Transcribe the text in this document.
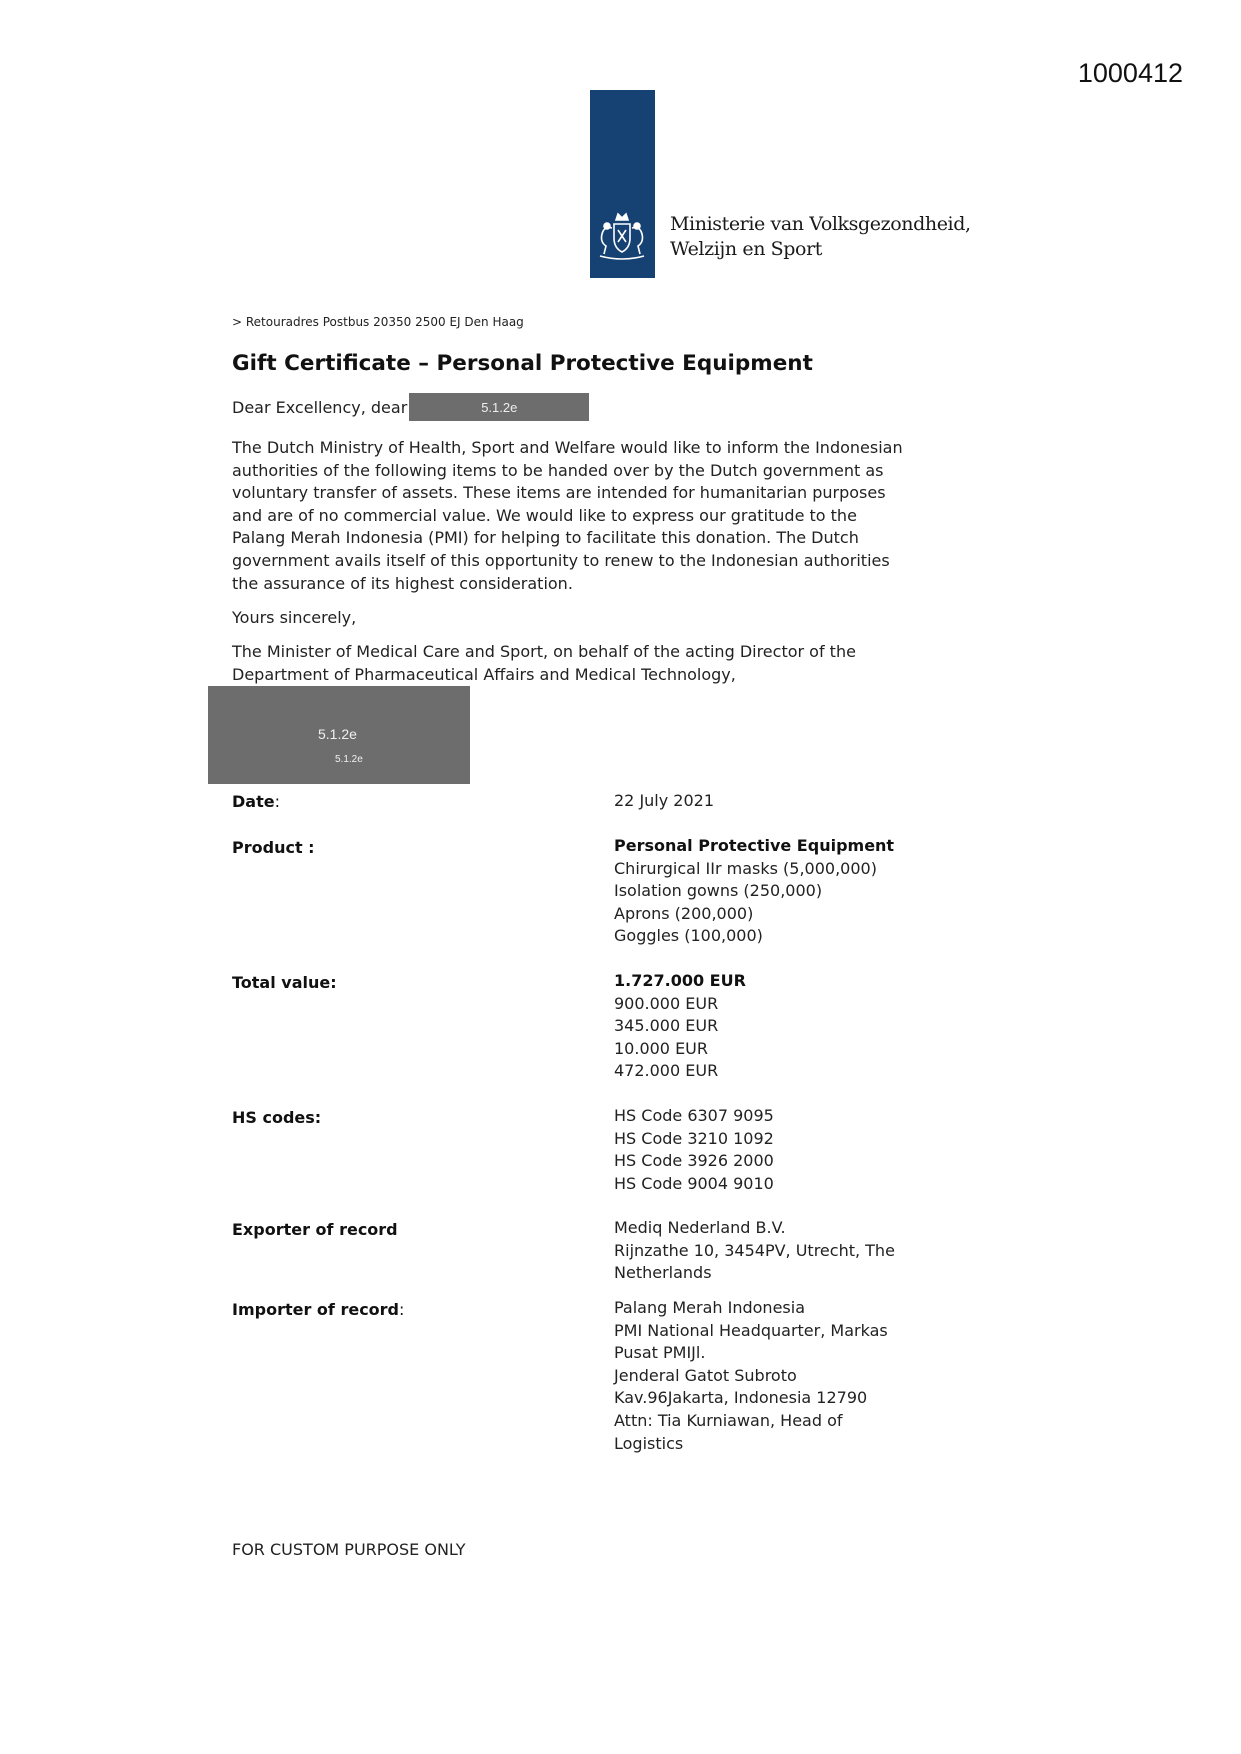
1000412
Ministerie van Volksgezondheid,
Welzijn en Sport
> Retouradres Postbus 20350 2500 EJ Den Haag
Gift Certificate – Personal Protective Equipment
Dear Excellency, dear	5.1.2e

The Dutch Ministry of Health, Sport and Welfare would like to inform the Indonesian authorities of the following items to be handed over by the Dutch government as voluntary transfer of assets. These items are intended for humanitarian purposes and are of no commercial value. We would like to express our gratitude to the Palang Merah Indonesia (PMI) for helping to facilitate this donation. The Dutch government avails itself of this opportunity to renew to the Indonesian authorities the assurance of its highest consideration.

Yours sincerely,
The Minister of Medical Care and Sport, on behalf of the acting Director of the Department of Pharmaceutical Affairs and Medical Technology,
5.1.2e
5.1.2e
Date:	22 July 2021
Product :	Personal Protective Equipment
Chirurgical IIr masks (5,000,000)
Isolation gowns (250,000)
Aprons (200,000)
Goggles (100,000)
Total value:	1.727.000 EUR
900.000 EUR
345.000 EUR
10.000 EUR
472.000 EUR
HS codes:	HS Code 6307 9095
HS Code 3210 1092
HS Code 3926 2000
HS Code 9004 9010
Exporter of record	Mediq Nederland B.V.
Rijnzathe 10, 3454PV, Utrecht, The
Netherlands
Importer of record:	Palang Merah Indonesia
PMI National Headquarter, Markas
Pusat PMIJl.
Jenderal Gatot Subroto
Kav.96Jakarta, Indonesia 12790
Attn: Tia Kurniawan, Head of
Logistics
FOR CUSTOM PURPOSE ONLY
